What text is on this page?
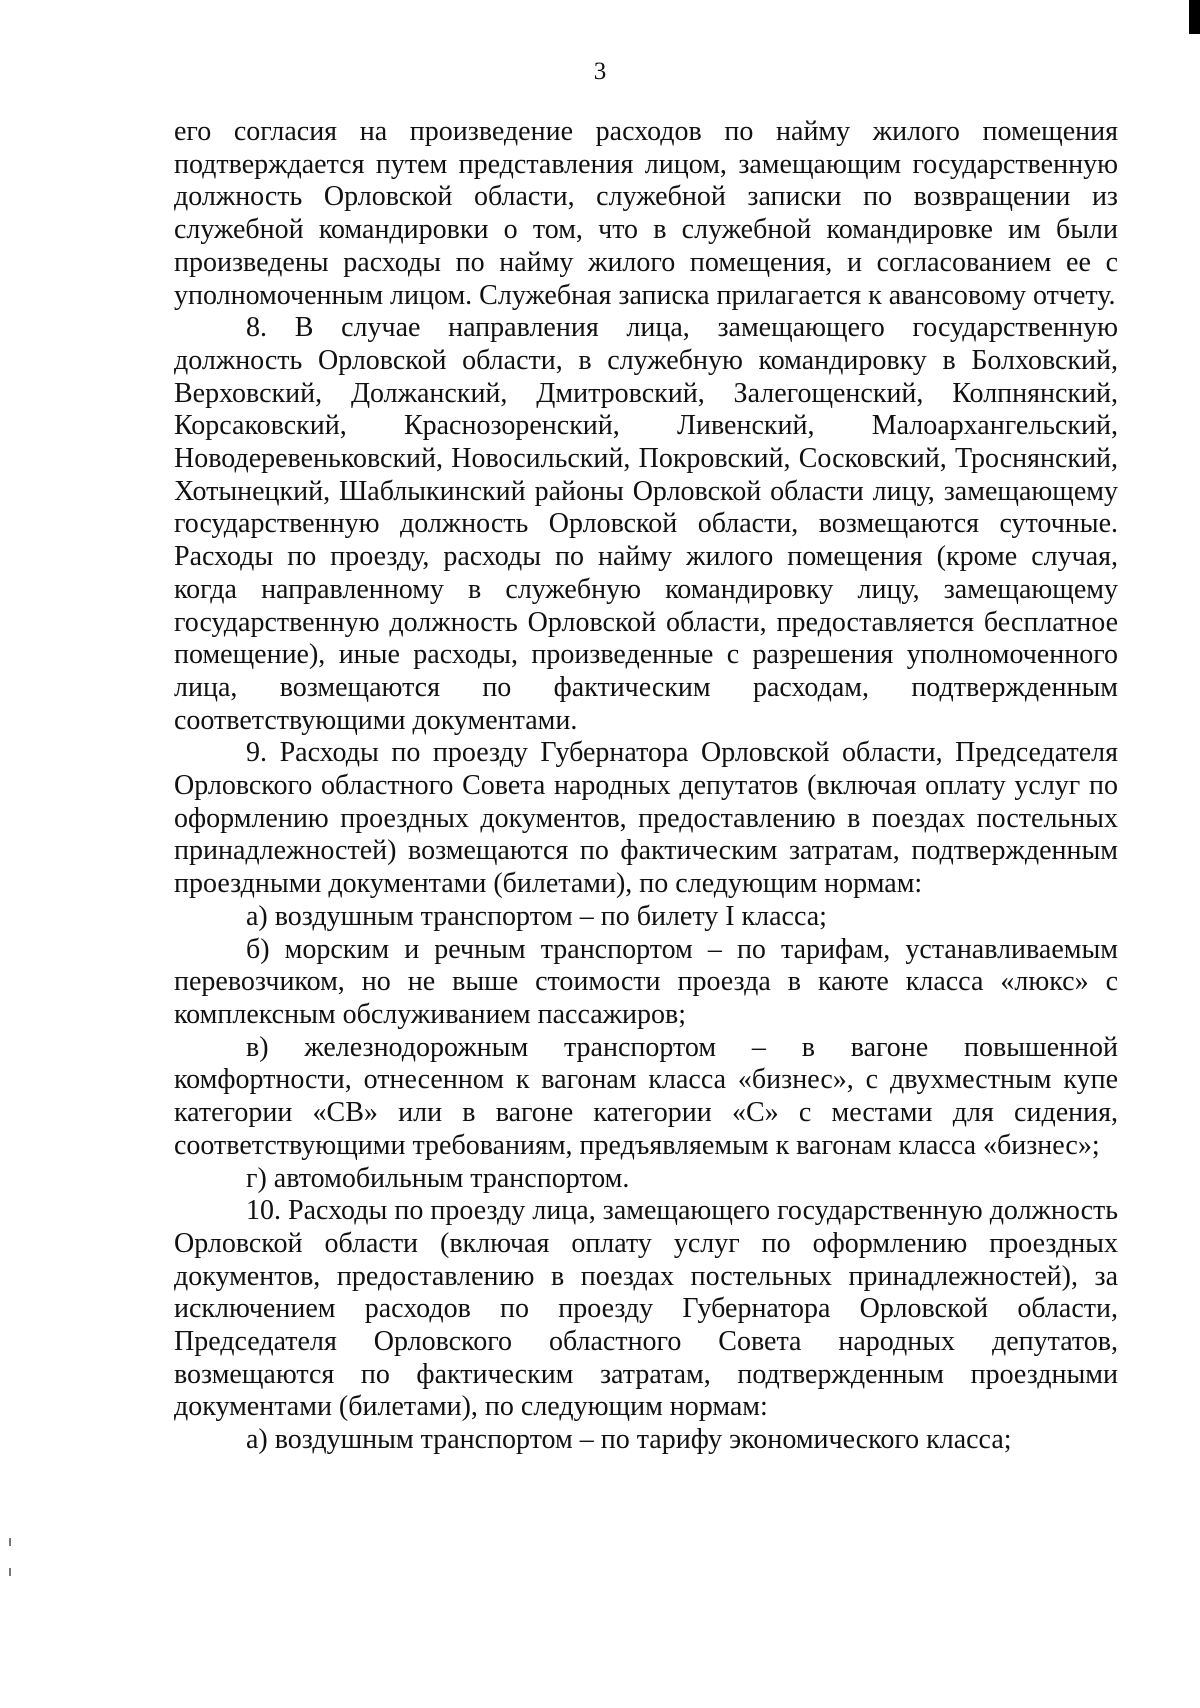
3

его согласия на произведение расходов по найму жилого помещения подтверждается путем представления лицом, замещающим государственную должность Орловской области, служебной записки по возвращении из служебной командировки о том, что в служебной командировке им были произведены расходы по найму жилого помещения, и согласованием ее с уполномоченным лицом. Служебная записка прилагается к авансовому отчету.

8. В случае направления лица, замещающего государственную должность Орловской области, в служебную командировку в Болховский, Верховский, Должанский, Дмитровский, Залегощенский, Колпнянский, Корсаковский, Краснозоренский, Ливенский, Малоархангельский, Новодеревеньковский, Новосильский, Покровский, Сосковский, Троснянский, Хотынецкий, Шаблыкинский районы Орловской области лицу, замещающему государственную должность Орловской области, возмещаются суточные. Расходы по проезду, расходы по найму жилого помещения (кроме случая, когда направленному в служебную командировку лицу, замещающему государственную должность Орловской области, предоставляется бесплатное помещение), иные расходы, произведенные с разрешения уполномоченного лица, возмещаются по фактическим расходам, подтвержденным соответствующими документами.

9. Расходы по проезду Губернатора Орловской области, Председателя Орловского областного Совета народных депутатов (включая оплату услуг по оформлению проездных документов, предоставлению в поездах постельных принадлежностей) возмещаются по фактическим затратам, подтвержденным проездными документами (билетами), по следующим нормам:

а) воздушным транспортом – по билету I класса;

б) морским и речным транспортом – по тарифам, устанавливаемым перевозчиком, но не выше стоимости проезда в каюте класса «люкс» с комплексным обслуживанием пассажиров;

в) железнодорожным транспортом – в вагоне повышенной комфортности, отнесенном к вагонам класса «бизнес», с двухместным купе категории «СВ» или в вагоне категории «С» с местами для сидения, соответствующими требованиям, предъявляемым к вагонам класса «бизнес»;

г) автомобильным транспортом.

10. Расходы по проезду лица, замещающего государственную должность Орловской области (включая оплату услуг по оформлению проездных документов, предоставлению в поездах постельных принадлежностей), за исключением расходов по проезду Губернатора Орловской области, Председателя Орловского областного Совета народных депутатов, возмещаются по фактическим затратам, подтвержденным проездными документами (билетами), по следующим нормам:

а) воздушным транспортом – по тарифу экономического класса;
